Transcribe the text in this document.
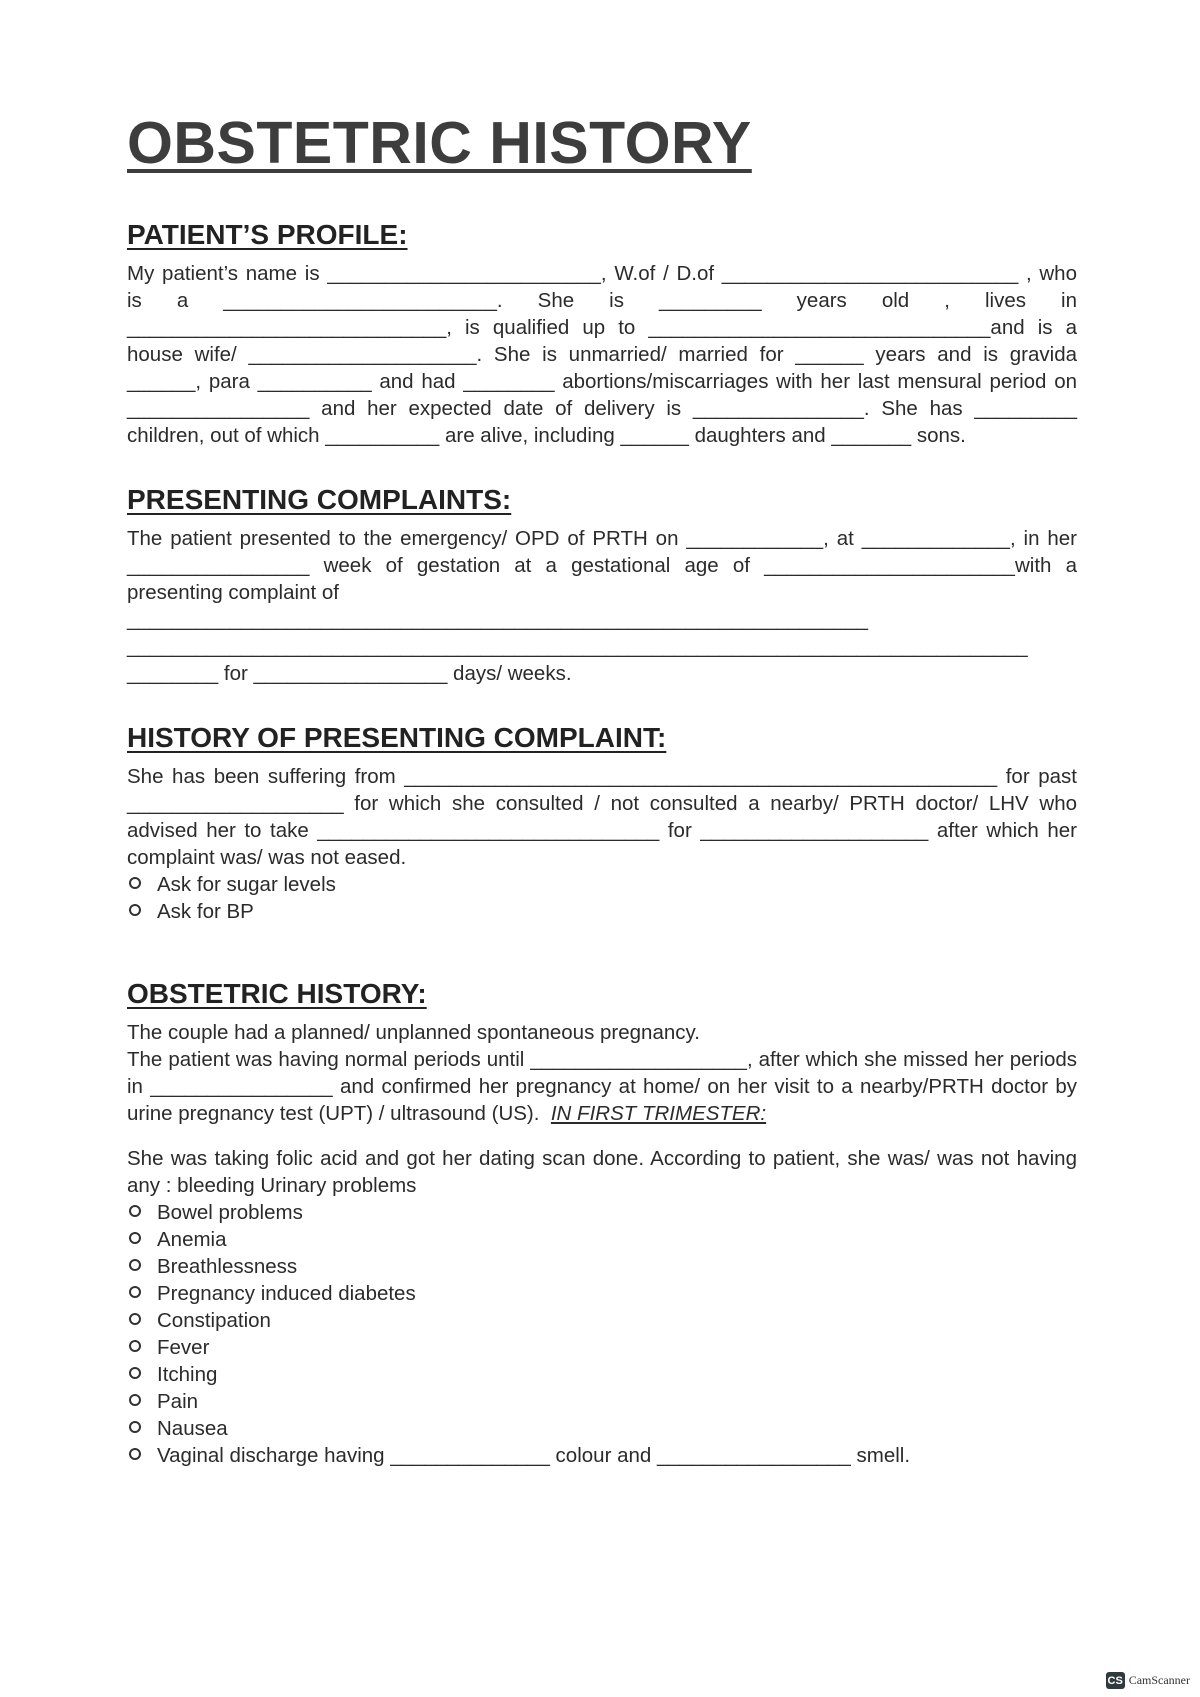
OBSTETRIC HISTORY
PATIENT’S PROFILE:

My patient’s name is ________________________, W.of / D.of __________________________ , who is a ________________________. She is _________ years old , lives in ____________________________, is qualified up to ______________________________and is a house wife/ ____________________. She is unmarried/ married for ______ years and is gravida ______, para __________ and had ________ abortions/miscarriages with her last mensural period on ________________ and her expected date of delivery is _______________. She has _________ children, out of which __________ are alive, including ______ daughters and _______ sons.

PRESENTING COMPLAINTS:

The patient presented to the emergency/ OPD of PRTH on ____________, at _____________, in her ________________ week of gestation at a gestational age of ______________________with a presenting complaint of

_________________________________________________________________

_______________________________________________________________________________

________ for _________________ days/ weeks.

HISTORY OF PRESENTING COMPLAINT:

She has been suffering from ____________________________________________________ for past ___________________ for which she consulted / not consulted a nearby/ PRTH doctor/ LHV who advised her to take ______________________________ for ____________________ after which her complaint was/ was not eased.

Ask for sugar levels
Ask for BP
OBSTETRIC HISTORY:

The couple had a planned/ unplanned spontaneous pregnancy.

The patient was having normal periods until ___________________, after which she missed her periods in ________________ and confirmed her pregnancy at home/ on her visit to a nearby/PRTH doctor by urine pregnancy test (UPT) / ultrasound (US). IN FIRST TRIMESTER:

She was taking folic acid and got her dating scan done. According to patient, she was/ was not having any : bleeding Urinary problems

Bowel problems
Anemia
Breathlessness
Pregnancy induced diabetes
Constipation
Fever
Itching
Pain
Nausea
Vaginal discharge having ______________ colour and _________________ smell.
CS CamScanner
